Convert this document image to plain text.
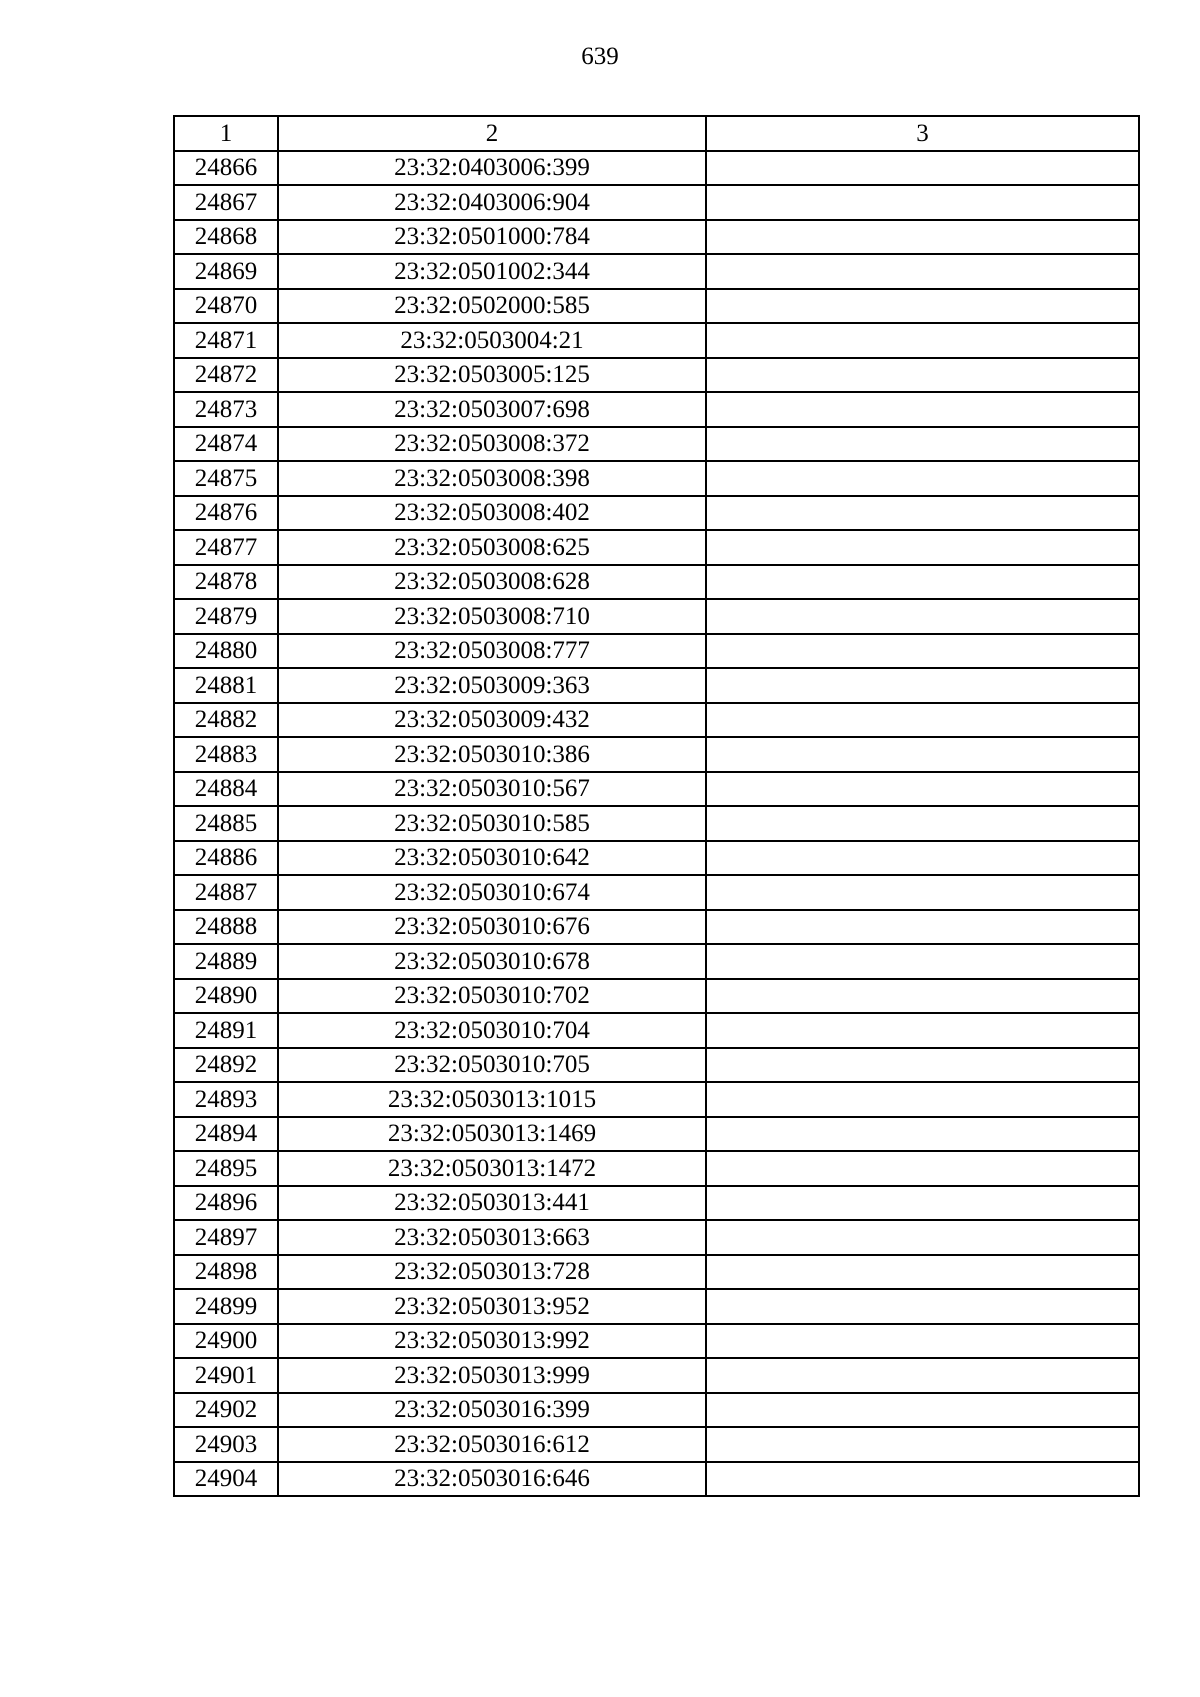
639
1	2	3
24866	23:32:0403006:399	
24867	23:32:0403006:904	
24868	23:32:0501000:784	
24869	23:32:0501002:344	
24870	23:32:0502000:585	
24871	23:32:0503004:21	
24872	23:32:0503005:125	
24873	23:32:0503007:698	
24874	23:32:0503008:372	
24875	23:32:0503008:398	
24876	23:32:0503008:402	
24877	23:32:0503008:625	
24878	23:32:0503008:628	
24879	23:32:0503008:710	
24880	23:32:0503008:777	
24881	23:32:0503009:363	
24882	23:32:0503009:432	
24883	23:32:0503010:386	
24884	23:32:0503010:567	
24885	23:32:0503010:585	
24886	23:32:0503010:642	
24887	23:32:0503010:674	
24888	23:32:0503010:676	
24889	23:32:0503010:678	
24890	23:32:0503010:702	
24891	23:32:0503010:704	
24892	23:32:0503010:705	
24893	23:32:0503013:1015	
24894	23:32:0503013:1469	
24895	23:32:0503013:1472	
24896	23:32:0503013:441	
24897	23:32:0503013:663	
24898	23:32:0503013:728	
24899	23:32:0503013:952	
24900	23:32:0503013:992	
24901	23:32:0503013:999	
24902	23:32:0503016:399	
24903	23:32:0503016:612	
24904	23:32:0503016:646	
